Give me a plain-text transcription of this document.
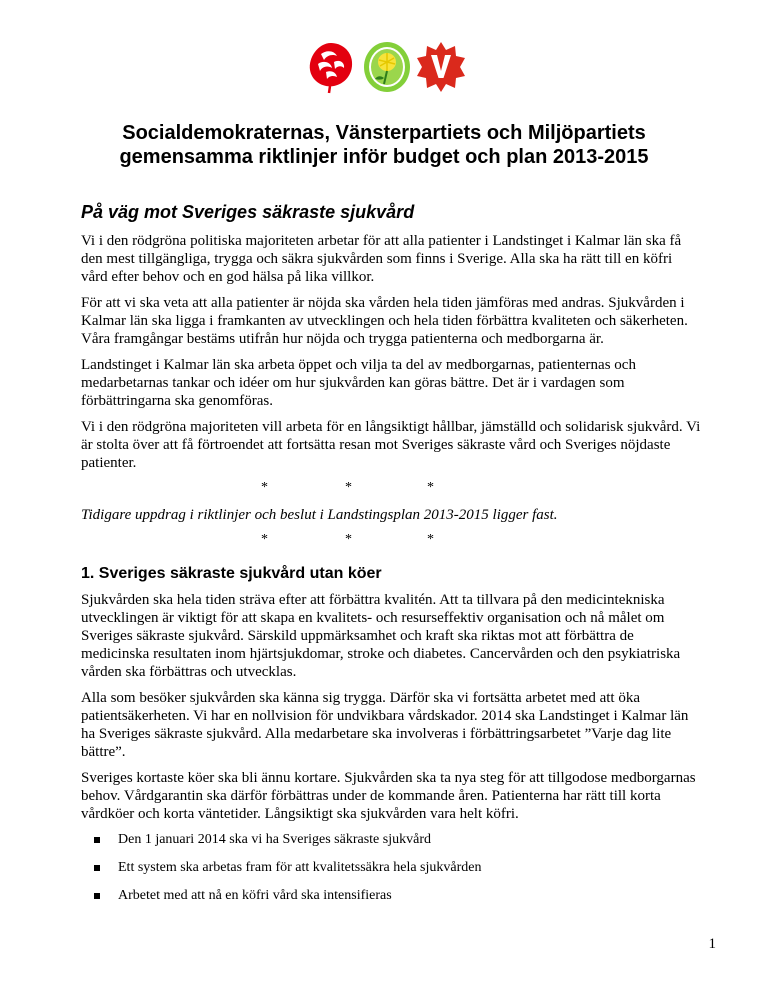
Socialdemokraternas, Vänsterpartiets och Miljöpartiets
gemensamma riktlinjer inför budget och plan 2013-2015
På väg mot Sveriges säkraste sjukvård

Vi i den rödgröna politiska majoriteten arbetar för att alla patienter i Landstinget i Kalmar län ska få den mest tillgängliga, trygga och säkra sjukvården som finns i Sverige. Alla ska ha rätt till en köfri vård efter behov och en god hälsa på lika villkor.

För att vi ska veta att alla patienter är nöjda ska vården hela tiden jämföras med andras. Sjukvården i Kalmar län ska ligga i framkanten av utvecklingen och hela tiden förbättra kvaliteten och säkerheten. Våra framgångar bestäms utifrån hur nöjda och trygga patienterna och medborgarna är.

Landstinget i Kalmar län ska arbeta öppet och vilja ta del av medborgarnas, patienternas och medarbetarnas tankar och idéer om hur sjukvården kan göras bättre. Det är i vardagen som förbättringarna ska genomföras.

Vi i den rödgröna majoriteten vill arbeta för en långsiktigt hållbar, jämställd och solidarisk sjukvård. Vi är stolta över att få förtroendet att fortsätta resan mot Sveriges säkraste vård och Sveriges nöjdaste patienter.

*	*	*

Tidigare uppdrag i riktlinjer och beslut i Landstingsplan 2013-2015 ligger fast.

*	*	*
1. Sveriges säkraste sjukvård utan köer

Sjukvården ska hela tiden sträva efter att förbättra kvalitén. Att ta tillvara på den medicintekniska utvecklingen är viktigt för att skapa en kvalitets- och resurseffektiv organisation och nå målet om Sveriges säkraste sjukvård. Särskild uppmärksamhet och kraft ska riktas mot att förbättra de medicinska resultaten inom hjärtsjukdomar, stroke och diabetes. Cancervården och den psykiatriska vården ska förbättras och utvecklas.

Alla som besöker sjukvården ska känna sig trygga. Därför ska vi fortsätta arbetet med att öka patientsäkerheten. Vi har en nollvision för undvikbara vårdskador. 2014 ska Landstinget i Kalmar län ha Sveriges säkraste sjukvård. Alla medarbetare ska involveras i förbättringsarbetet ”Varje dag lite bättre”.

Sveriges kortaste köer ska bli ännu kortare. Sjukvården ska ta nya steg för att tillgodose medborgarnas behov. Vårdgarantin ska därför förbättras under de kommande åren. Patienterna har rätt till korta vårdköer och korta väntetider. Långsiktigt ska sjukvården vara helt köfri.

Den 1 januari 2014 ska vi ha Sveriges säkraste sjukvård
Ett system ska arbetas fram för att kvalitetssäkra hela sjukvården
Arbetet med att nå en köfri vård ska intensifieras
1
